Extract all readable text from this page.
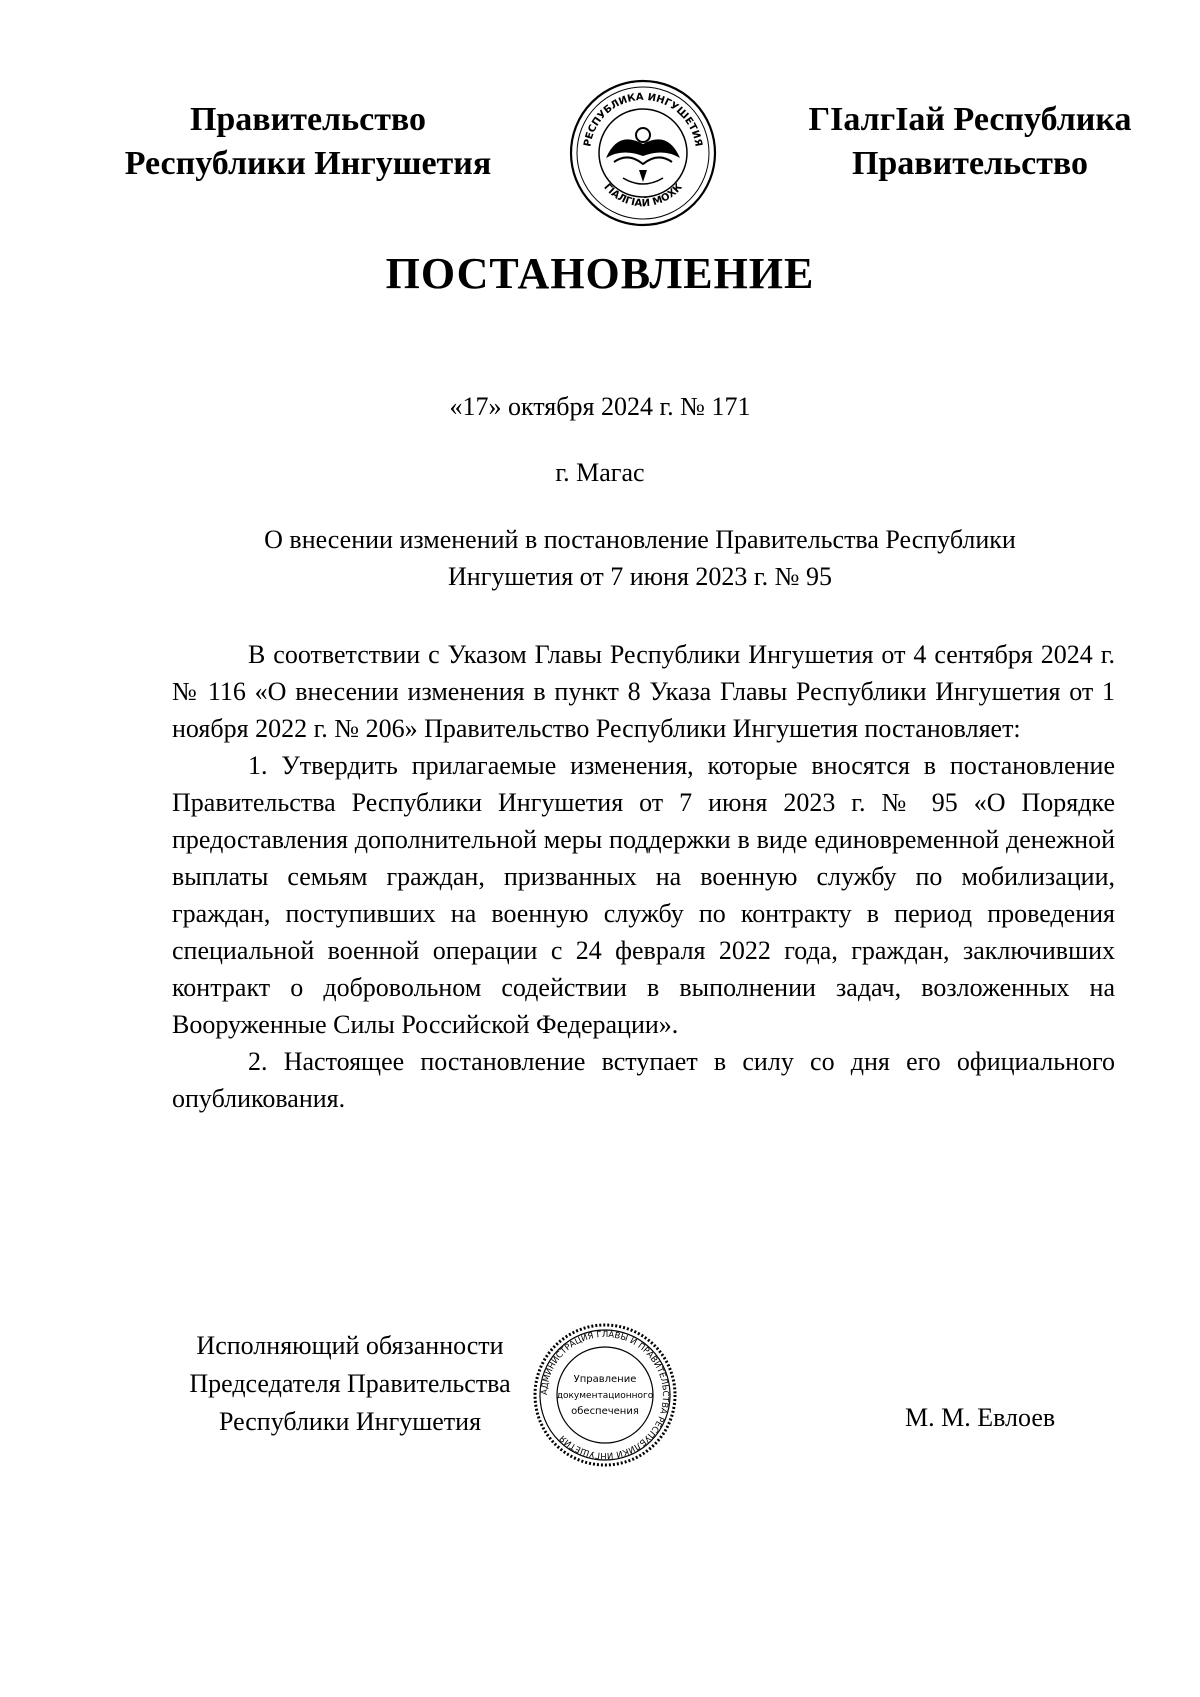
Правительство
Республики Ингушетия
РЕСПУБЛИКА ИНГУШЕТИЯ
ГIАЛГIАЙ МОХК
ГIалгIай Республика
Правительство
ПОСТАНОВЛЕНИЕ
«17» октября 2024 г. № 171
г. Магас
О внесении изменений в постановление Правительства Республики
Ингушетия от 7 июня 2023 г. № 95

В соответствии с Указом Главы Республики Ингушетия от 4 сентября 2024 г. № 116 «О внесении изменения в пункт 8 Указа Главы Республики Ингушетия от 1 ноября 2022 г. № 206» Правительство Республики Ингушетия постановляет:

1. Утвердить прилагаемые изменения, которые вносятся в постановление Правительства Республики Ингушетия от 7 июня 2023 г. № 95 «О Порядке предоставления дополнительной меры поддержки в виде единовременной денежной выплаты семьям граждан, призванных на военную службу по мобилизации, граждан, поступивших на военную службу по контракту в период проведения специальной военной операции с 24 февраля 2022 года, граждан, заключивших контракт о добровольном содействии в выполнении задач, возложенных на Вооруженные Силы Российской Федерации».

2. Настоящее постановление вступает в силу со дня его официального опубликования.

Исполняющий обязанности
Председателя Правительства
Республики Ингушетия
АДМИНИСТРАЦИЯ ГЛАВЫ И ПРАВИТЕЛЬСТВА РЕСПУБЛИКИ ИНГУШЕТИЯ
Управление
документационного
обеспечения	М. М. Евлоев
